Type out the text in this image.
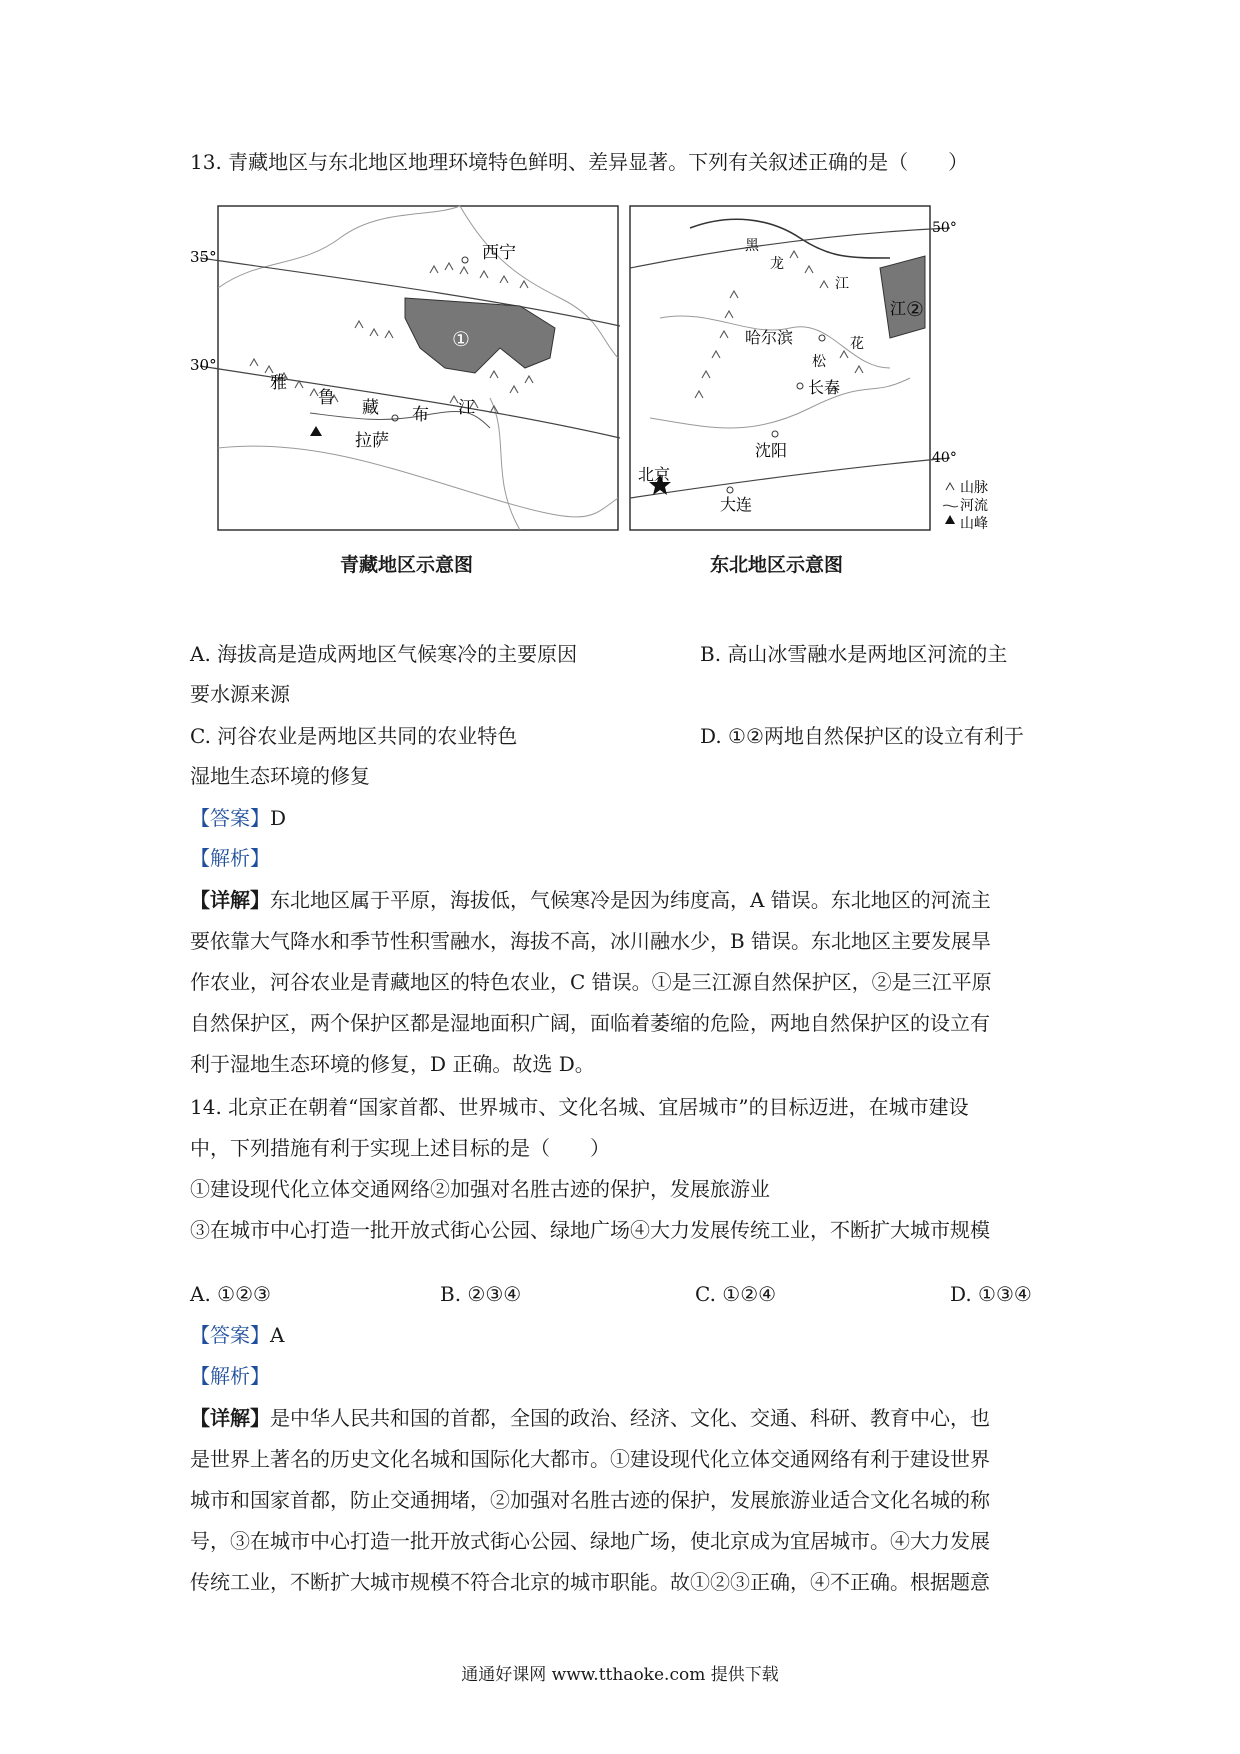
13. 青藏地区与东北地区地理环境特色鲜明、差异显著。下列有关叙述正确的是（　　）
35°
30°
西宁
拉萨
雅
鲁 藏 布 江
①
50°
40°
哈尔滨
长春
沈阳
北京
大连
黑
龙
江
松
花
江 ②
山脉
河流
山峰
青藏地区示意图	东北地区示意图
A. 海拔高是造成两地区气候寒冷的主要原因	B. 高山冰雪融水是两地区河流的主
要水源来源
C. 河谷农业是两地区共同的农业特色	D. ①②两地自然保护区的设立有利于
湿地生态环境的修复
【答案】D
【解析】
【详解】东北地区属于平原，海拔低，气候寒冷是因为纬度高，A 错误。东北地区的河流主
要依靠大气降水和季节性积雪融水，海拔不高，冰川融水少，B 错误。东北地区主要发展旱
作农业，河谷农业是青藏地区的特色农业，C 错误。①是三江源自然保护区，②是三江平原
自然保护区，两个保护区都是湿地面积广阔，面临着萎缩的危险，两地自然保护区的设立有
利于湿地生态环境的修复，D 正确。故选 D。
14. 北京正在朝着“国家首都、世界城市、文化名城、宜居城市”的目标迈进，在城市建设
中，下列措施有利于实现上述目标的是（　　）
①建设现代化立体交通网络②加强对名胜古迹的保护，发展旅游业
③在城市中心打造一批开放式街心公园、绿地广场④大力发展传统工业，不断扩大城市规模
A. ①②③	B. ②③④	C. ①②④	D. ①③④
【答案】A
【解析】
【详解】是中华人民共和国的首都，全国的政治、经济、文化、交通、科研、教育中心，也
是世界上著名的历史文化名城和国际化大都市。①建设现代化立体交通网络有利于建设世界
城市和国家首都，防止交通拥堵，②加强对名胜古迹的保护，发展旅游业适合文化名城的称
号，③在城市中心打造一批开放式街心公园、绿地广场，使北京成为宜居城市。④大力发展
传统工业，不断扩大城市规模不符合北京的城市职能。故①②③正确，④不正确。根据题意
通通好课网 www.tthaoke.com 提供下载
